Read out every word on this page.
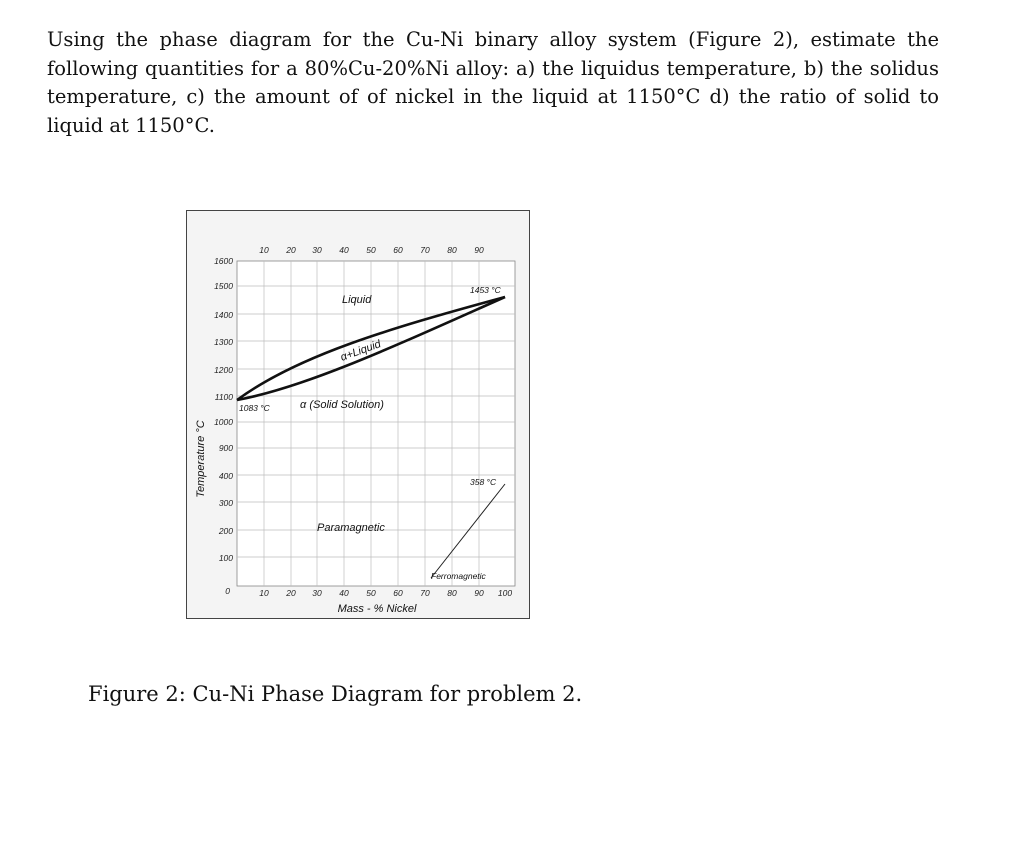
Using the phase diagram for the Cu-Ni binary alloy system (Figure 2), estimate the following quantities for a 80%Cu-20%Ni alloy: a) the liquidus temperature, b) the solidus temperature, c) the amount of of nickel in the liquid at 1150°C d) the ratio of solid to liquid at 1150°C.

1600
1500
1400
1300
1200
1100
1000
900
400
300
200
100
0
10 20 30 40 50 60 70 80 90
10 20 30 40 50 60 70 80 90 100
Mass - % Nickel
Temperature °C
Liquid
α+Liquid
α (Solid Solution)
Paramagnetic
Ferromagnetic
1083 °C
1453 °C
358 °C

Figure 2: Cu-Ni Phase Diagram for problem 2.
